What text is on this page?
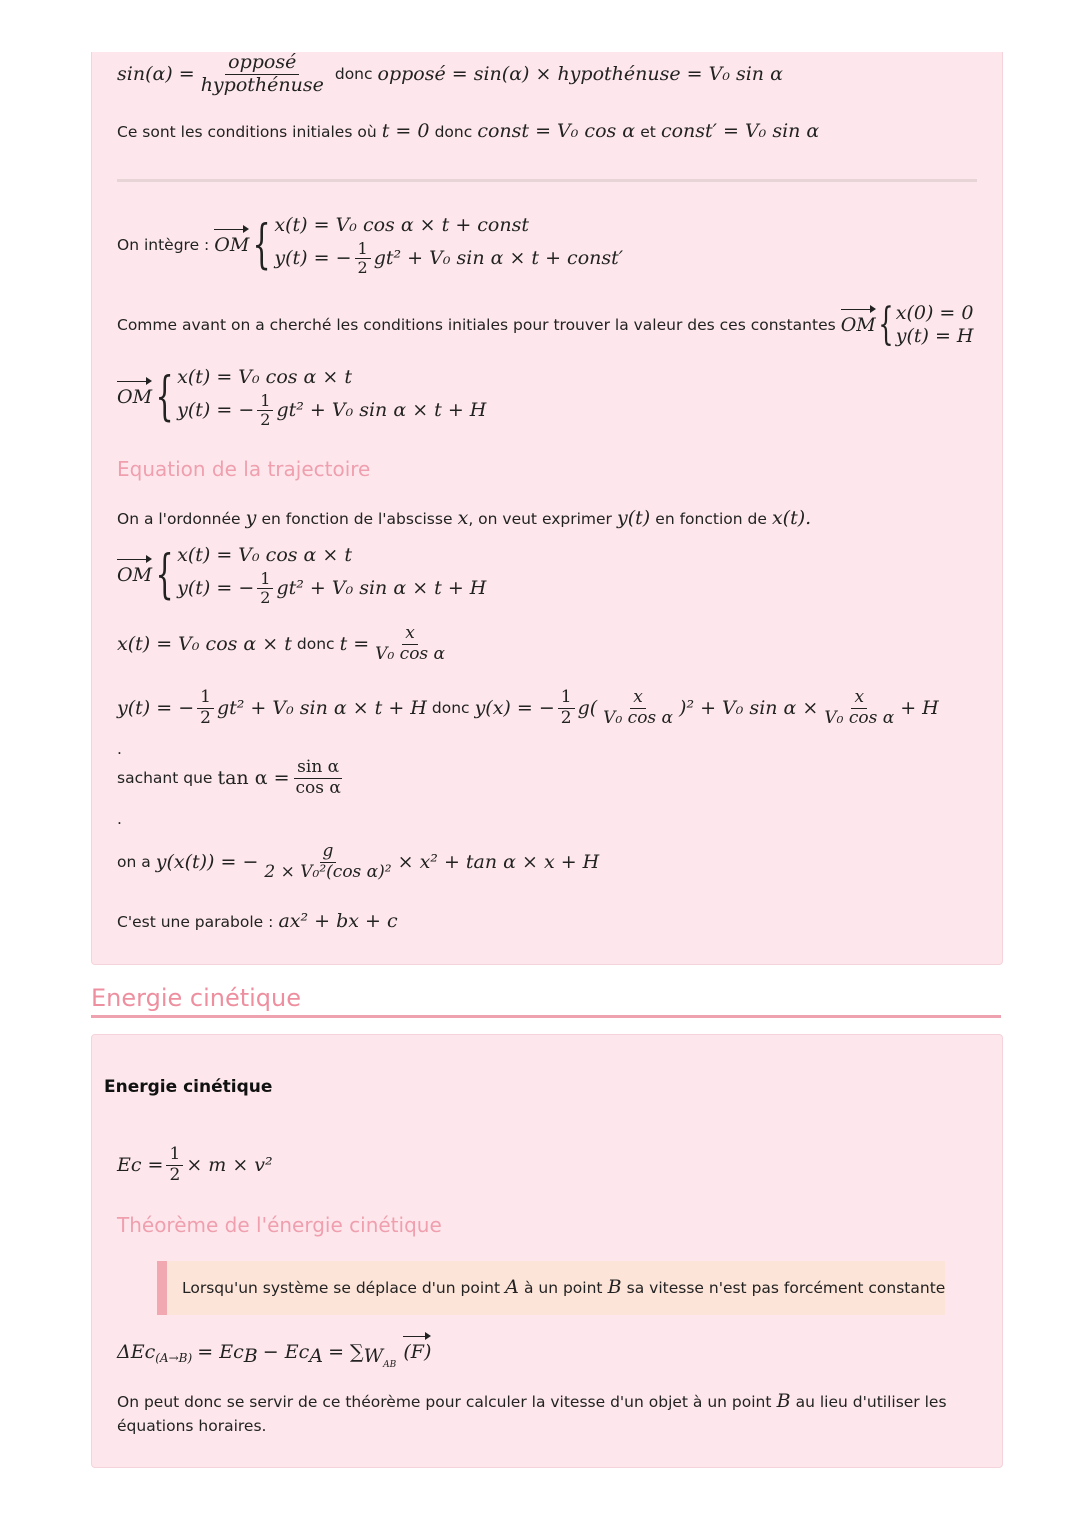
$\sin(\alpha) = \frac{\text{opposé}}{\text{hypothénuse}}$ donc opposé = sin(α) × hypothénuse = V₀ sin α
Ce sont les conditions initiales où t = 0 donc const = V₀ cos α et const′ = V₀ sin α
On intègre : OM { x(t) = V₀ cos α × t + const
y(t) = − $\frac{1}{2} gt^2 + V_0$ sin α × t + const′
Comme avant on a cherché les conditions initiales pour trouver la valeur des ces constantes OM { x(0) = 0
y(t) = H
OM { x(t) = V₀ cos α × t
y(t) = − $\frac{1}{2} gt^2 + V_0$ sin α × t + H
Equation de la trajectoire
On a l'ordonnée y en fonction de l'abscisse x, on veut exprimer y(t) en fonction de x(t).
OM { x(t) = V₀ cos α × t
y(t) = − $\frac{1}{2} gt^2 + V_0$ sin α × t + H
x(t) = V₀ cos α × t donc $t = \frac{x}{\text{V₀ cos α}}$
y(t) = − $\frac{1}{2} gt^2 + V_0$ sin α × t + H donc y(x) = − $\frac{1}{2} g( \frac{x}{\text{V₀ cos α}} )^2 + V_0$ $\sin \alpha \times \frac{x}{\text{V₀ cos α}} + H$
.
sachant que $\tan \alpha = \frac{\text{sin α}}{\text{cos α}}$
.
on a y(x(t)) = − $\frac{g}{\text{2 × V₀²(cos α)²}} \times x^2 + \tan \alpha \times x + H$
C'est une parabole : ax² + bx + c
Energie cinétique
Energie cinétique
$Ec = \frac{1}{2} \times m \times v^2$
Théorème de l'énergie cinétique
Lorsqu'un système se déplace d'un point A à un point B sa vitesse n'est pas forcément constante
$\Delta Ec_{(A\to B)} = Ec_B - Ec_A = \sum_{W_{AB}}$ (F)
On peut donc se servir de ce théorème pour calculer la vitesse d'un objet à un point B au lieu d'utiliser les équations horaires.
